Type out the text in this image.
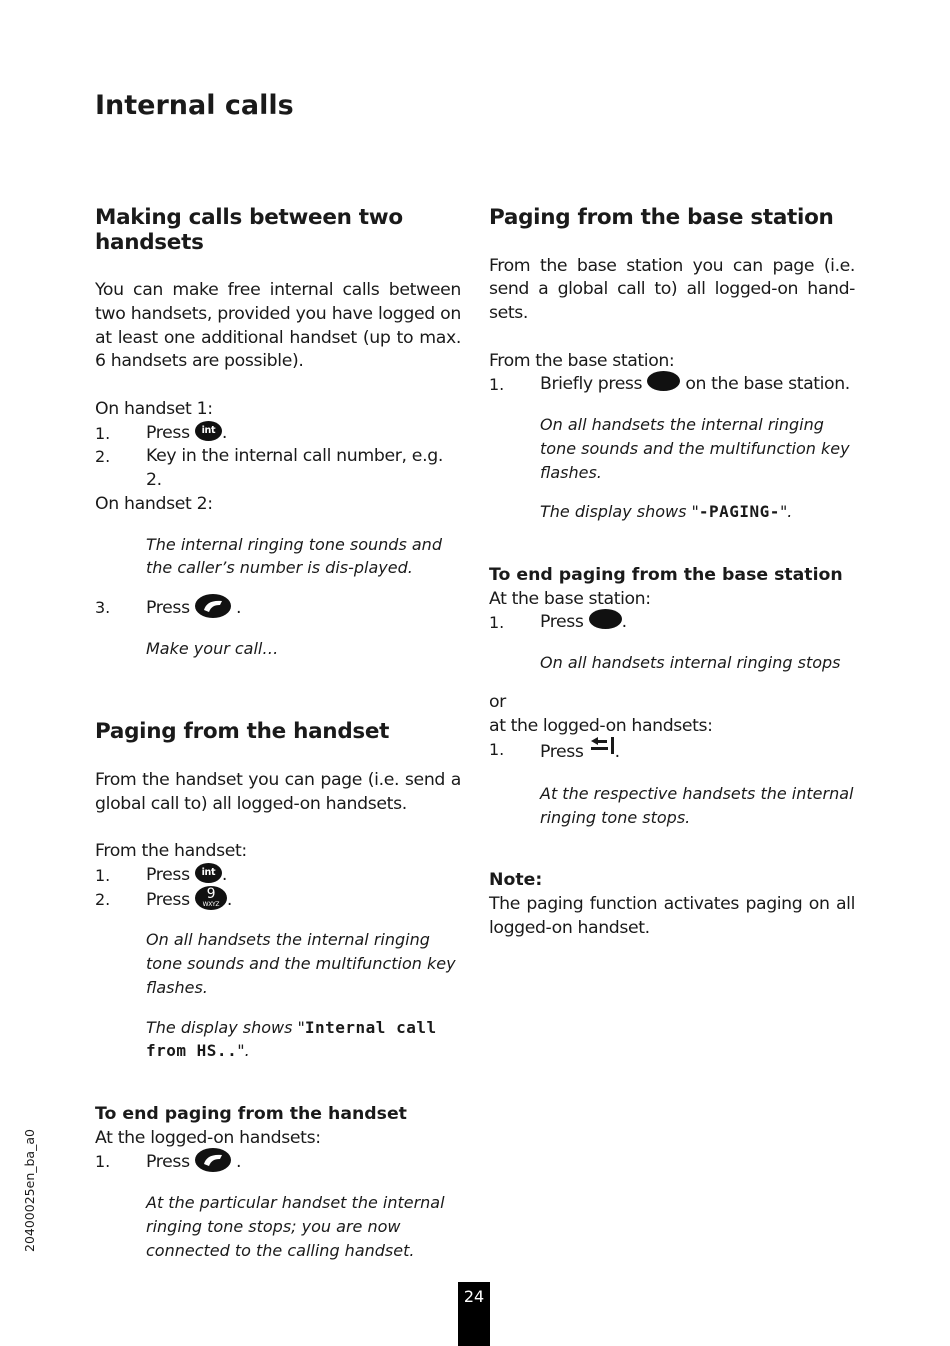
Internal calls
Making calls between two handsets

You can make free internal calls between two handsets, provided you have logged on at least one additional handset (up to max. 6 handsets are possible).

On handset 1:

1.	Press int .
2.	Key in the internal call number, e.g. 2.

On handset 2:

The internal ringing tone sounds and the caller’s number is dis-played.

3.	Press	.

Make your call…

Paging from the handset

From the handset you can page (i.e. send a global call to) all logged-on handsets.

From the handset:

1.	Press int .
2.	Press 9
WXYZ .

On all handsets the internal ringing tone sounds and the multifunction key flashes.

The display shows "Internal call from HS..".

To end paging from the handset

At the logged-on handsets:

1.	Press	.

At the particular handset the internal ringing tone stops; you are now connected to the calling handset.

Paging from the base station

From the base station you can page (i.e. send a global call to) all logged-on hand-sets.

From the base station:

1.	Briefly press on the base station.

On all handsets the internal ringing tone sounds and the multifunction key flashes.

The display shows "-PAGING-".

To end paging from the base station

At the base station:

1.	Press .

On all handsets internal ringing stops

or

at the logged-on handsets:

1.	Press .

At the respective handsets the internal ringing tone stops.

Note:

The paging function activates paging on all logged-on handset.

20400025en_ba_a0
24
